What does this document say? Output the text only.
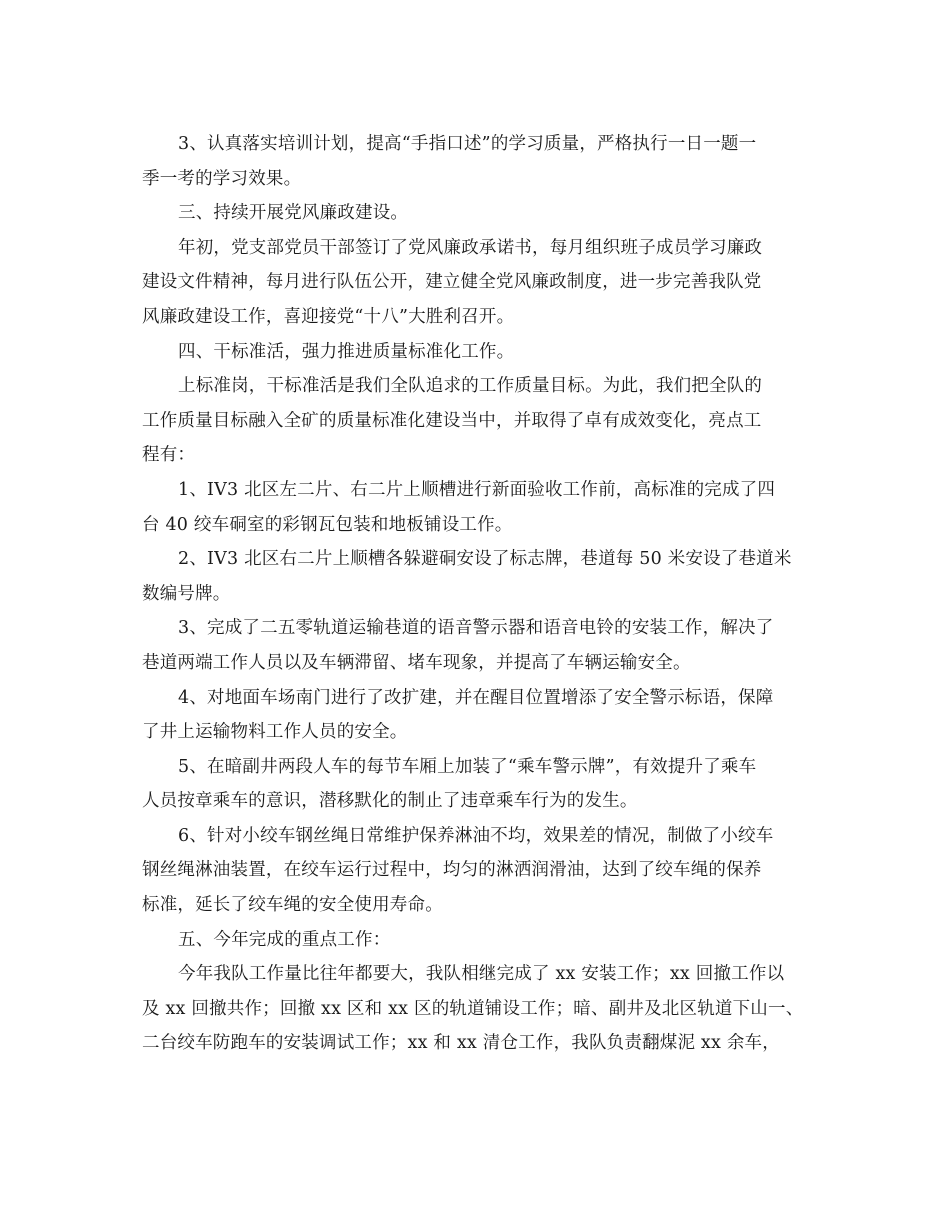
3、认真落实培训计划，提高“手指口述”的学习质量，严格执行一日一题一
季一考的学习效果。
三、持续开展党风廉政建设。
年初，党支部党员干部签订了党风廉政承诺书，每月组织班子成员学习廉政
建设文件精神，每月进行队伍公开，建立健全党风廉政制度，进一步完善我队党
风廉政建设工作，喜迎接党“十八”大胜利召开。
四、干标准活，强力推进质量标准化工作。
上标准岗，干标准活是我们全队追求的工作质量目标。为此，我们把全队的
工作质量目标融入全矿的质量标准化建设当中，并取得了卓有成效变化，亮点工
程有：
1、IV3 北区左二片、右二片上顺槽进行新面验收工作前，高标准的完成了四
台 40 绞车硐室的彩钢瓦包装和地板铺设工作。
2、IV3 北区右二片上顺槽各躲避硐安设了标志牌，巷道每 50 米安设了巷道米
数编号牌。
3、完成了二五零轨道运输巷道的语音警示器和语音电铃的安装工作，解决了
巷道两端工作人员以及车辆滞留、堵车现象，并提高了车辆运输安全。
4、对地面车场南门进行了改扩建，并在醒目位置增添了安全警示标语，保障
了井上运输物料工作人员的安全。
5、在暗副井两段人车的每节车厢上加装了“乘车警示牌”，有效提升了乘车
人员按章乘车的意识，潜移默化的制止了违章乘车行为的发生。
6、针对小绞车钢丝绳日常维护保养淋油不均，效果差的情况，制做了小绞车
钢丝绳淋油装置，在绞车运行过程中，均匀的淋洒润滑油，达到了绞车绳的保养
标准，延长了绞车绳的安全使用寿命。
五、今年完成的重点工作：
今年我队工作量比往年都要大，我队相继完成了 xx 安装工作；xx 回撤工作以
及 xx 回撤共作；回撤 xx 区和 xx 区的轨道铺设工作；暗、副井及北区轨道下山一、
二台绞车防跑车的安装调试工作；xx 和 xx 清仓工作，我队负责翻煤泥 xx 余车，
